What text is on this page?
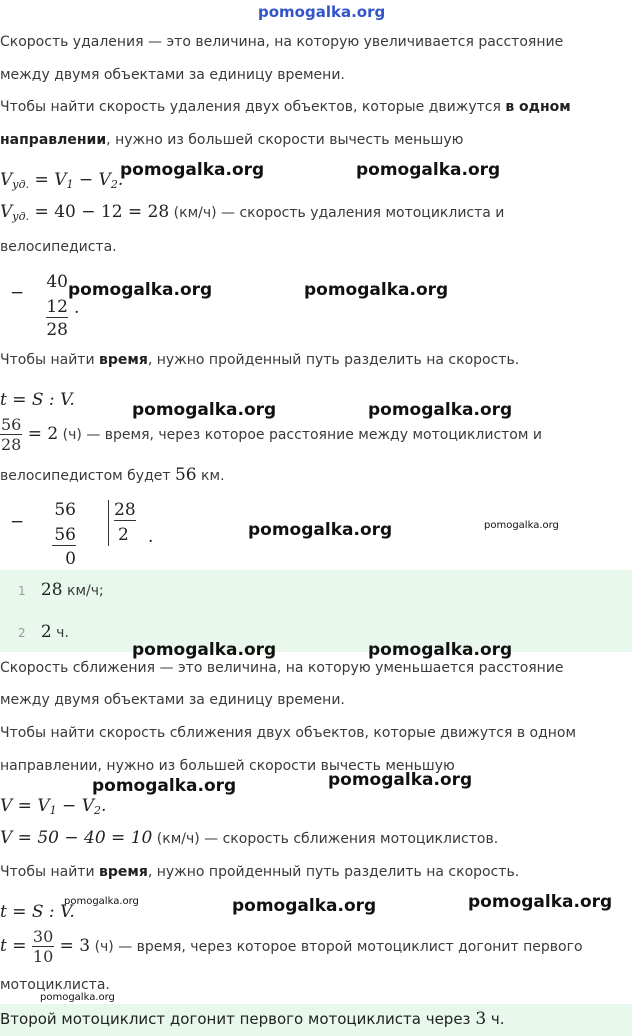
pomogalka.org
Скорость удаления — это величина, на которую увеличивается расстояние
между двумя объектами за единицу времени.
Чтобы найти скорость удаления двух объектов, которые движутся в одном
направлении, нужно из большей скорости вычесть меньшую
$V_{уд.} = V_1 - V_2$.
pomogalka.org	pomogalka.org
$V_{уд.} = 40 - 12 = 28$ (км/ч) — скорость удаления мотоциклиста и
велосипедиста.
−
40
12
28
.
pomogalka.org	pomogalka.org
Чтобы найти время, нужно пройденный путь разделить на скорость.
t = S : V.	pomogalka.org	pomogalka.org
$\frac{56}{28} = 2$ (ч) — время, через которое расстояние между мотоциклистом и
велосипедистом будет 56 км.
−
56
56
0
28
2 .	pomogalka.org	pomogalka.org
1 28 км/ч;
2 2 ч.
pomogalka.org	pomogalka.org
Скорость сближения — это величина, на которую уменьшается расстояние
между двумя объектами за единицу времени.
Чтобы найти скорость сближения двух объектов, которые движутся в одном
направлении, нужно из большей скорости вычесть меньшую
pomogalka.org	pomogalka.org
$V = V_1 - V_2$.
V = 50 − 40 = 10 (км/ч) — скорость сближения мотоциклистов.
Чтобы найти время, нужно пройденный путь разделить на скорость.
t = S : V.
pomogalka.org	pomogalka.org	pomogalka.org
$t = \frac{30}{10} = 3$ (ч) — время, через которое второй мотоциклист догонит первого
мотоциклиста.
pomogalka.org
Второй мотоциклист догонит первого мотоциклиста через 3 ч.
